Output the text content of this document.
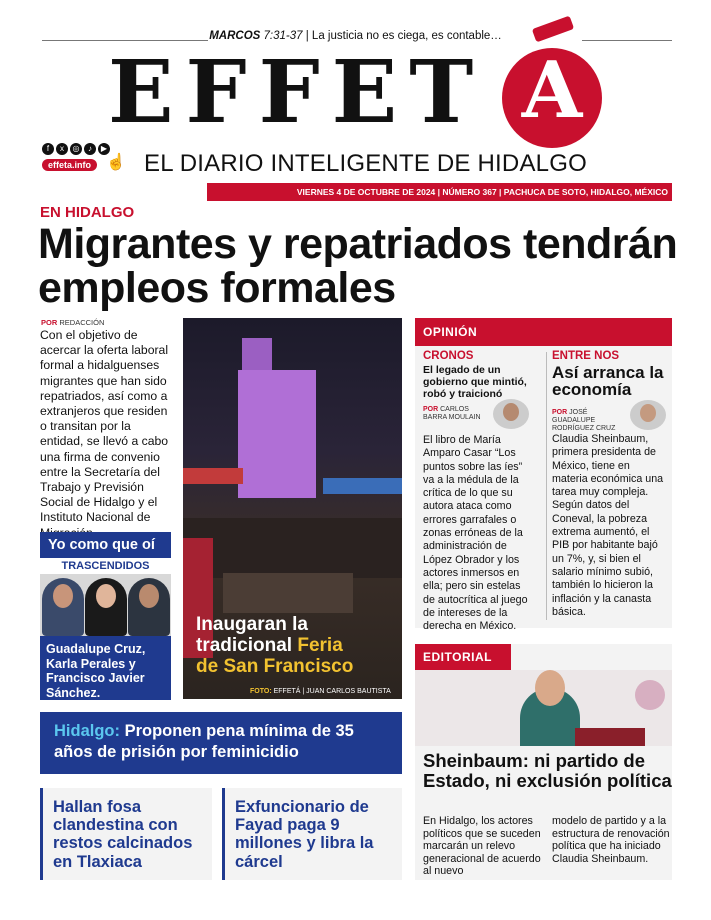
MARCOS 7:31-37 | La justicia no es ciega, es contable…
EFFET A
f	x	◎	♪	▶
effeta.info ☝ EL DIARIO INTELIGENTE DE HIDALGO
VIERNES 4 DE OCTUBRE DE 2024 | NÚMERO 367 | PACHUCA DE SOTO, HIDALGO, MÉXICO
EN HIDALGO
Migrantes y repatriados tendrán empleos formales
POR REDACCIÓN
Con el objetivo de acercar la oferta laboral formal a hidalguenses migrantes que han sido repatriados, así como a extranjeros que residen o transitan por la entidad, se llevó a cabo una firma de convenio entre la Secretaría del Trabajo y Previsión Social de Hidalgo y el Instituto Nacional de
Yo como que oí
TRASCENDIDOS
Guadalupe Cruz, Karla Perales y Francisco Javier Sánchez.
Inaugaran la
tradicional Feria
de San Francisco
FOTO: EFFETÁ | JUAN CARLOS BAUTISTA
OPINIÓN
CRONOS
El legado de un gobierno que mintió, robó y traicionó
POR CARLOS BARRA MOULAIN
El libro de María Amparo Casar “Los puntos sobre las íes” va a la médula de la crítica de lo que su autora ataca como errores garrafales o zonas erróneas de la administración de López Obrador y los actores inmersos en ella; pero sin estelas de autocrítica al juego de intereses de la derecha en México.
ENTRE NOS
Así arranca la economía
POR JOSÉ GUADALUPE RODRÍGUEZ CRUZ
Claudia Sheinbaum, primera presidenta de México, tiene en materia económica una tarea muy compleja. Según datos del Coneval, la pobreza extrema aumentó, el PIB por habitante bajó un 7%, y, si bien el salario mínimo subió, también lo hicieron la inflación y la canasta básica.
EDITORIAL
Sheinbaum: ni partido de Estado, ni exclusión política
En Hidalgo, los actores políticos que se suceden marcarán un relevo generacional de acuerdo al nuevo
modelo de partido y a la estructura de renovación política que ha iniciado Claudia Sheinbaum.
Hidalgo: Proponen pena mínima de 35 años de prisión por feminicidio
Hallan fosa clandestina con restos calcinados en Tlaxiaca
Exfuncionario de Fayad paga 9 millones y libra la cárcel
